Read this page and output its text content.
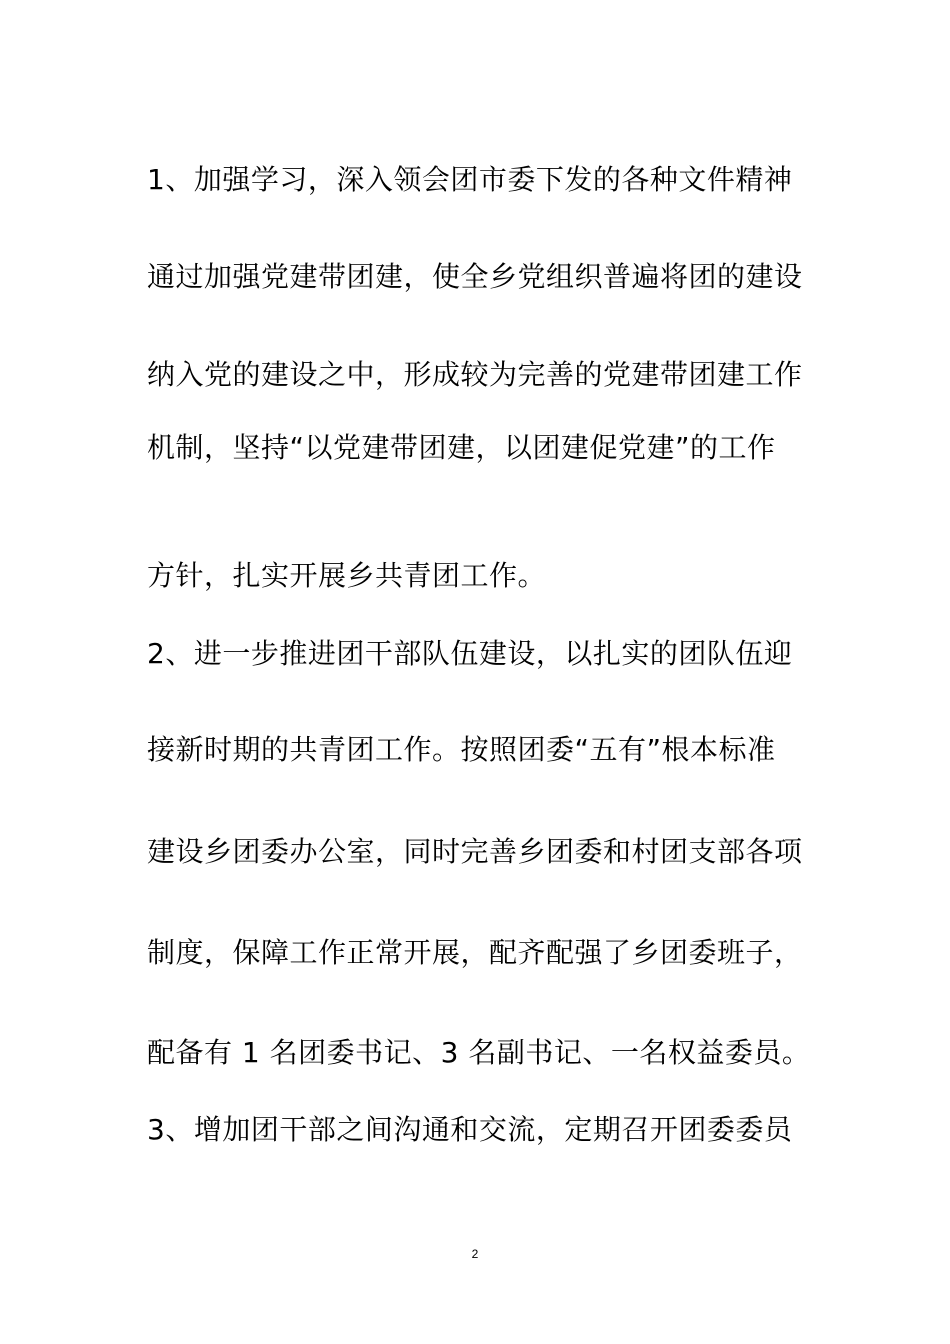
1、加强学习，深入领会团市委下发的各种文件精神

通过加强党建带团建，使全乡党组织普遍将团的建设

纳入党的建设之中，形成较为完善的党建带团建工作

机制，坚持“以党建带团建，以团建促党建”的工作

方针，扎实开展乡共青团工作。

2、进一步推进团干部队伍建设，以扎实的团队伍迎

接新时期的共青团工作。按照团委“五有”根本标准

建设乡团委办公室，同时完善乡团委和村团支部各项

制度，保障工作正常开展，配齐配强了乡团委班子，

配备有 1 名团委书记、3 名副书记、一名权益委员。

3、增加团干部之间沟通和交流，定期召开团委委员

2
